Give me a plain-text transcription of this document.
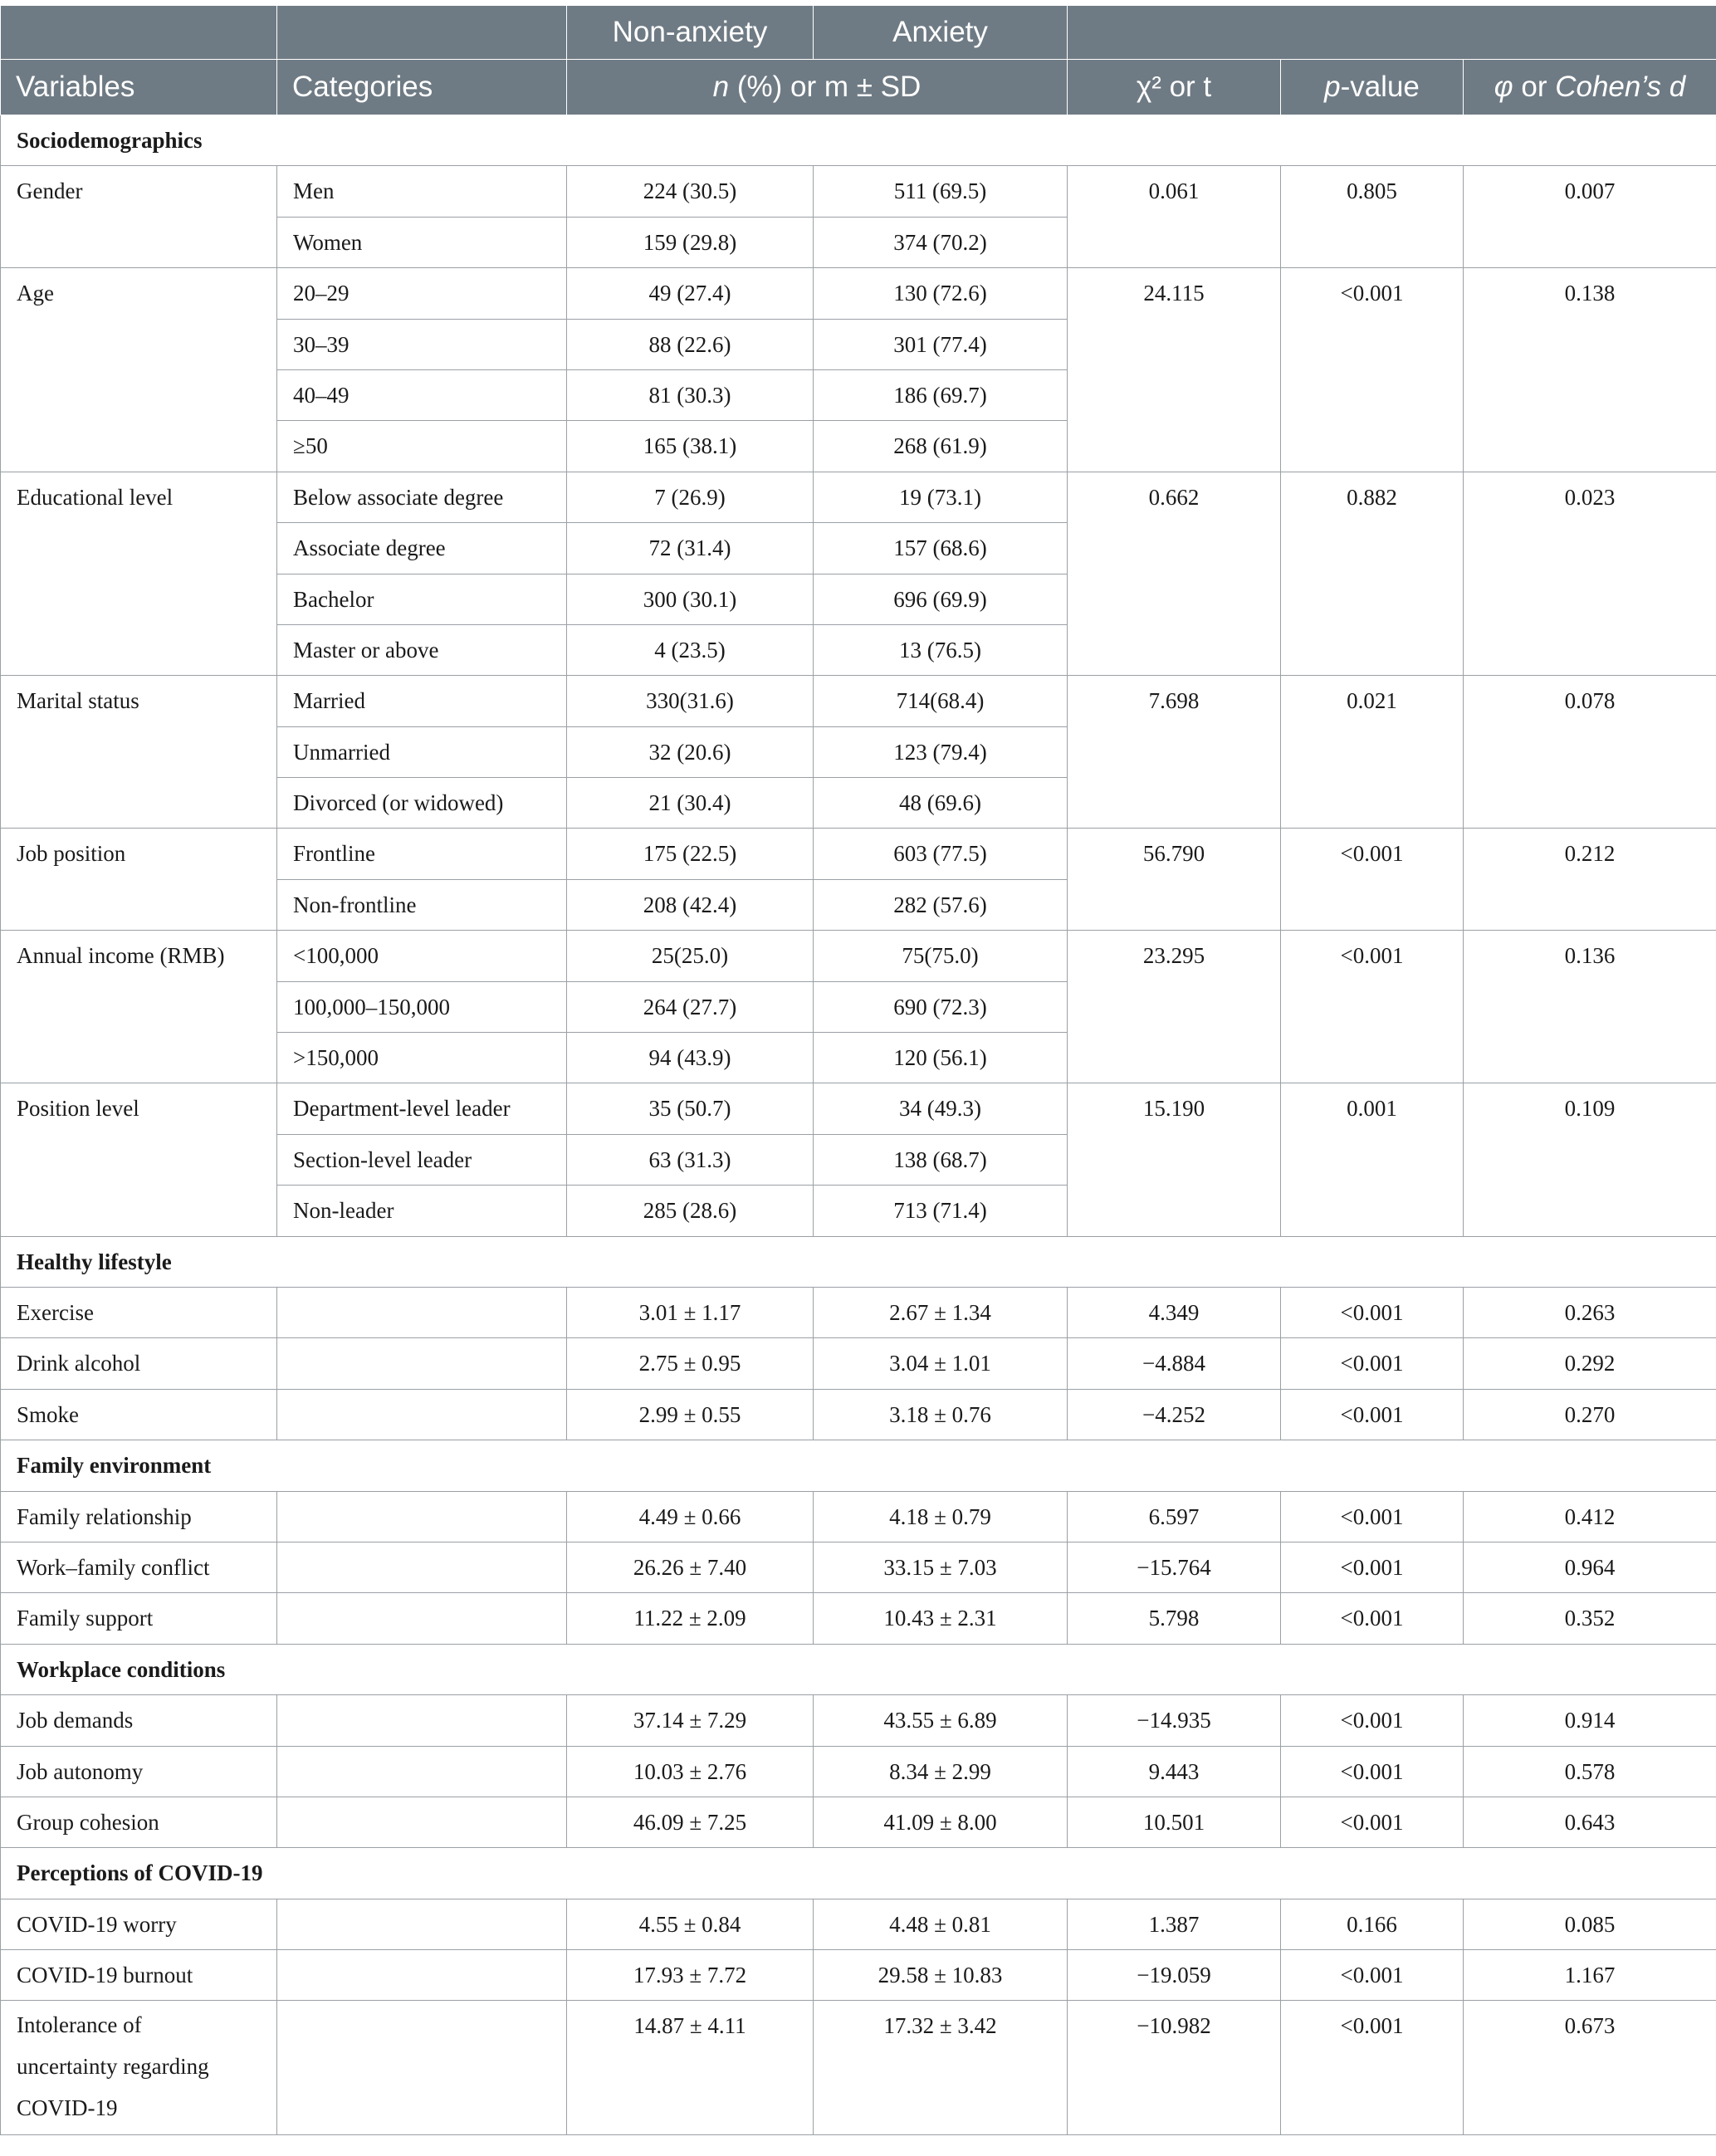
		Non-anxiety	Anxiety			
Variables	Categories	n (%) or m ± SD		χ² or t	p-value	φ or Cohen’s d
Sociodemographics						
Gender	Men	224 (30.5)	511 (69.5)	0.061	0.805	0.007
	Women	159 (29.8)	374 (70.2)			
Age	20–29	49 (27.4)	130 (72.6)	24.115	<0.001	0.138
	30–39	88 (22.6)	301 (77.4)			
	40–49	81 (30.3)	186 (69.7)			
	≥50	165 (38.1)	268 (61.9)			
Educational level	Below associate degree	7 (26.9)	19 (73.1)	0.662	0.882	0.023
	Associate degree	72 (31.4)	157 (68.6)			
	Bachelor	300 (30.1)	696 (69.9)			
	Master or above	4 (23.5)	13 (76.5)			
Marital status	Married	330(31.6)	714(68.4)	7.698	0.021	0.078
	Unmarried	32 (20.6)	123 (79.4)			
	Divorced (or widowed)	21 (30.4)	48 (69.6)			
Job position	Frontline	175 (22.5)	603 (77.5)	56.790	<0.001	0.212
	Non-frontline	208 (42.4)	282 (57.6)			
Annual income (RMB)	<100,000	25(25.0)	75(75.0)	23.295	<0.001	0.136
	100,000–150,000	264 (27.7)	690 (72.3)			
	>150,000	94 (43.9)	120 (56.1)			
Position level	Department-level leader	35 (50.7)	34 (49.3)	15.190	0.001	0.109
	Section-level leader	63 (31.3)	138 (68.7)			
	Non-leader	285 (28.6)	713 (71.4)			
Healthy lifestyle						
Exercise		3.01 ± 1.17	2.67 ± 1.34	4.349	<0.001	0.263
Drink alcohol		2.75 ± 0.95	3.04 ± 1.01	−4.884	<0.001	0.292
Smoke		2.99 ± 0.55	3.18 ± 0.76	−4.252	<0.001	0.270
Family environment						
Family relationship		4.49 ± 0.66	4.18 ± 0.79	6.597	<0.001	0.412
Work–family conflict		26.26 ± 7.40	33.15 ± 7.03	−15.764	<0.001	0.964
Family support		11.22 ± 2.09	10.43 ± 2.31	5.798	<0.001	0.352
Workplace conditions						
Job demands		37.14 ± 7.29	43.55 ± 6.89	−14.935	<0.001	0.914
Job autonomy		10.03 ± 2.76	8.34 ± 2.99	9.443	<0.001	0.578
Group cohesion		46.09 ± 7.25	41.09 ± 8.00	10.501	<0.001	0.643
Perceptions of COVID-19						
COVID-19 worry		4.55 ± 0.84	4.48 ± 0.81	1.387	0.166	0.085
COVID-19 burnout		17.93 ± 7.72	29.58 ± 10.83	−19.059	<0.001	1.167

Intolerance of
uncertainty regarding
COVID-19		14.87 ± 4.11	17.32 ± 3.42	−10.982	<0.001	0.673
